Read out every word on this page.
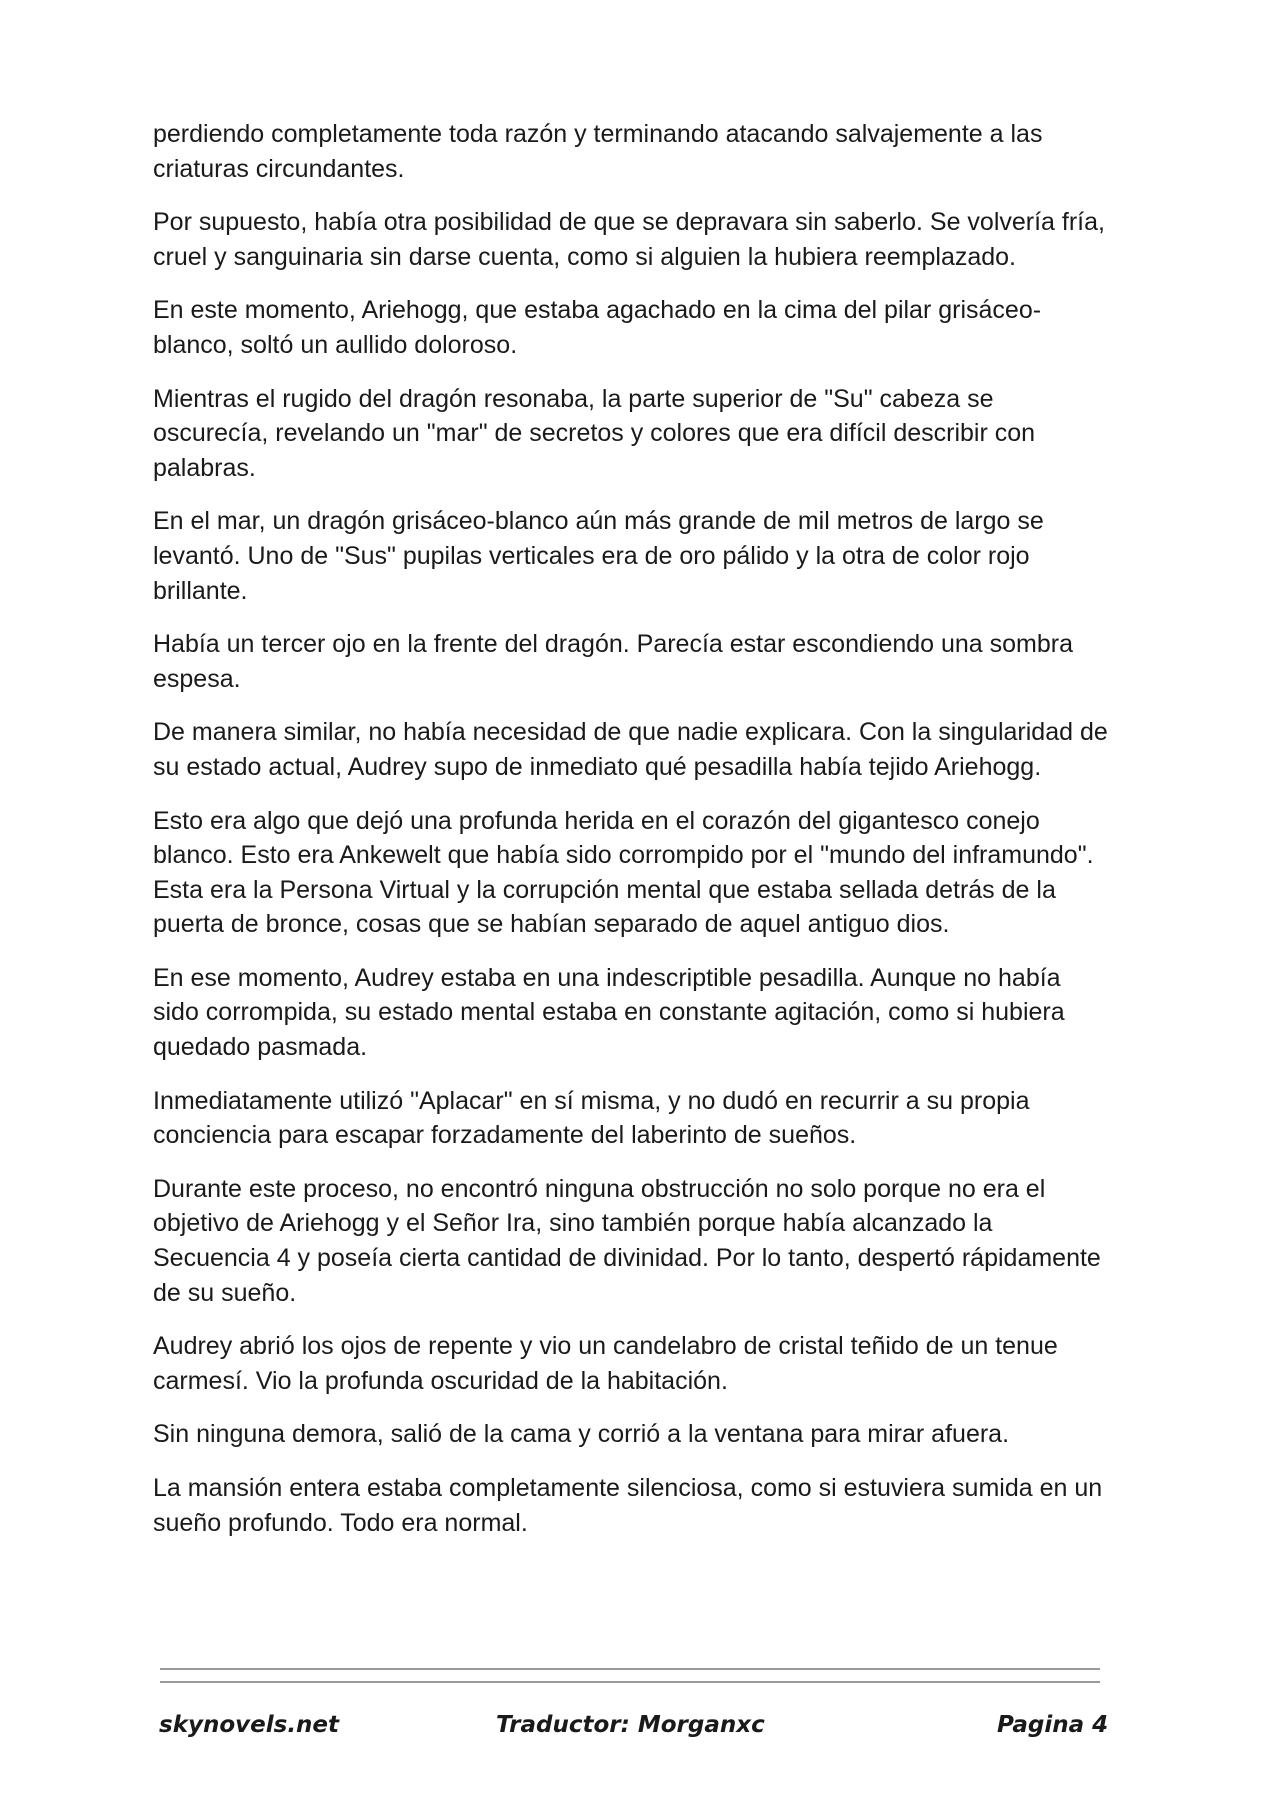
perdiendo completamente toda razón y terminando atacando salvajemente a las criaturas circundantes.

Por supuesto, había otra posibilidad de que se depravara sin saberlo. Se volvería fría, cruel y sanguinaria sin darse cuenta, como si alguien la hubiera reemplazado.

En este momento, Ariehogg, que estaba agachado en la cima del pilar grisáceo-blanco, soltó un aullido doloroso.

Mientras el rugido del dragón resonaba, la parte superior de "Su" cabeza se oscurecía, revelando un "mar" de secretos y colores que era difícil describir con palabras.

En el mar, un dragón grisáceo-blanco aún más grande de mil metros de largo se levantó. Uno de "Sus" pupilas verticales era de oro pálido y la otra de color rojo brillante.

Había un tercer ojo en la frente del dragón. Parecía estar escondiendo una sombra espesa.

De manera similar, no había necesidad de que nadie explicara. Con la singularidad de su estado actual, Audrey supo de inmediato qué pesadilla había tejido Ariehogg.

Esto era algo que dejó una profunda herida en el corazón del gigantesco conejo blanco. Esto era Ankewelt que había sido corrompido por el "mundo del inframundo". Esta era la Persona Virtual y la corrupción mental que estaba sellada detrás de la puerta de bronce, cosas que se habían separado de aquel antiguo dios.

En ese momento, Audrey estaba en una indescriptible pesadilla. Aunque no había sido corrompida, su estado mental estaba en constante agitación, como si hubiera quedado pasmada.

Inmediatamente utilizó "Aplacar" en sí misma, y no dudó en recurrir a su propia conciencia para escapar forzadamente del laberinto de sueños.

Durante este proceso, no encontró ninguna obstrucción no solo porque no era el objetivo de Ariehogg y el Señor Ira, sino también porque había alcanzado la Secuencia 4 y poseía cierta cantidad de divinidad. Por lo tanto, despertó rápidamente de su sueño.

Audrey abrió los ojos de repente y vio un candelabro de cristal teñido de un tenue carmesí. Vio la profunda oscuridad de la habitación.

Sin ninguna demora, salió de la cama y corrió a la ventana para mirar afuera.

La mansión entera estaba completamente silenciosa, como si estuviera sumida en un sueño profundo. Todo era normal.

skynovels.net	Traductor: Morganxc	Pagina 4
